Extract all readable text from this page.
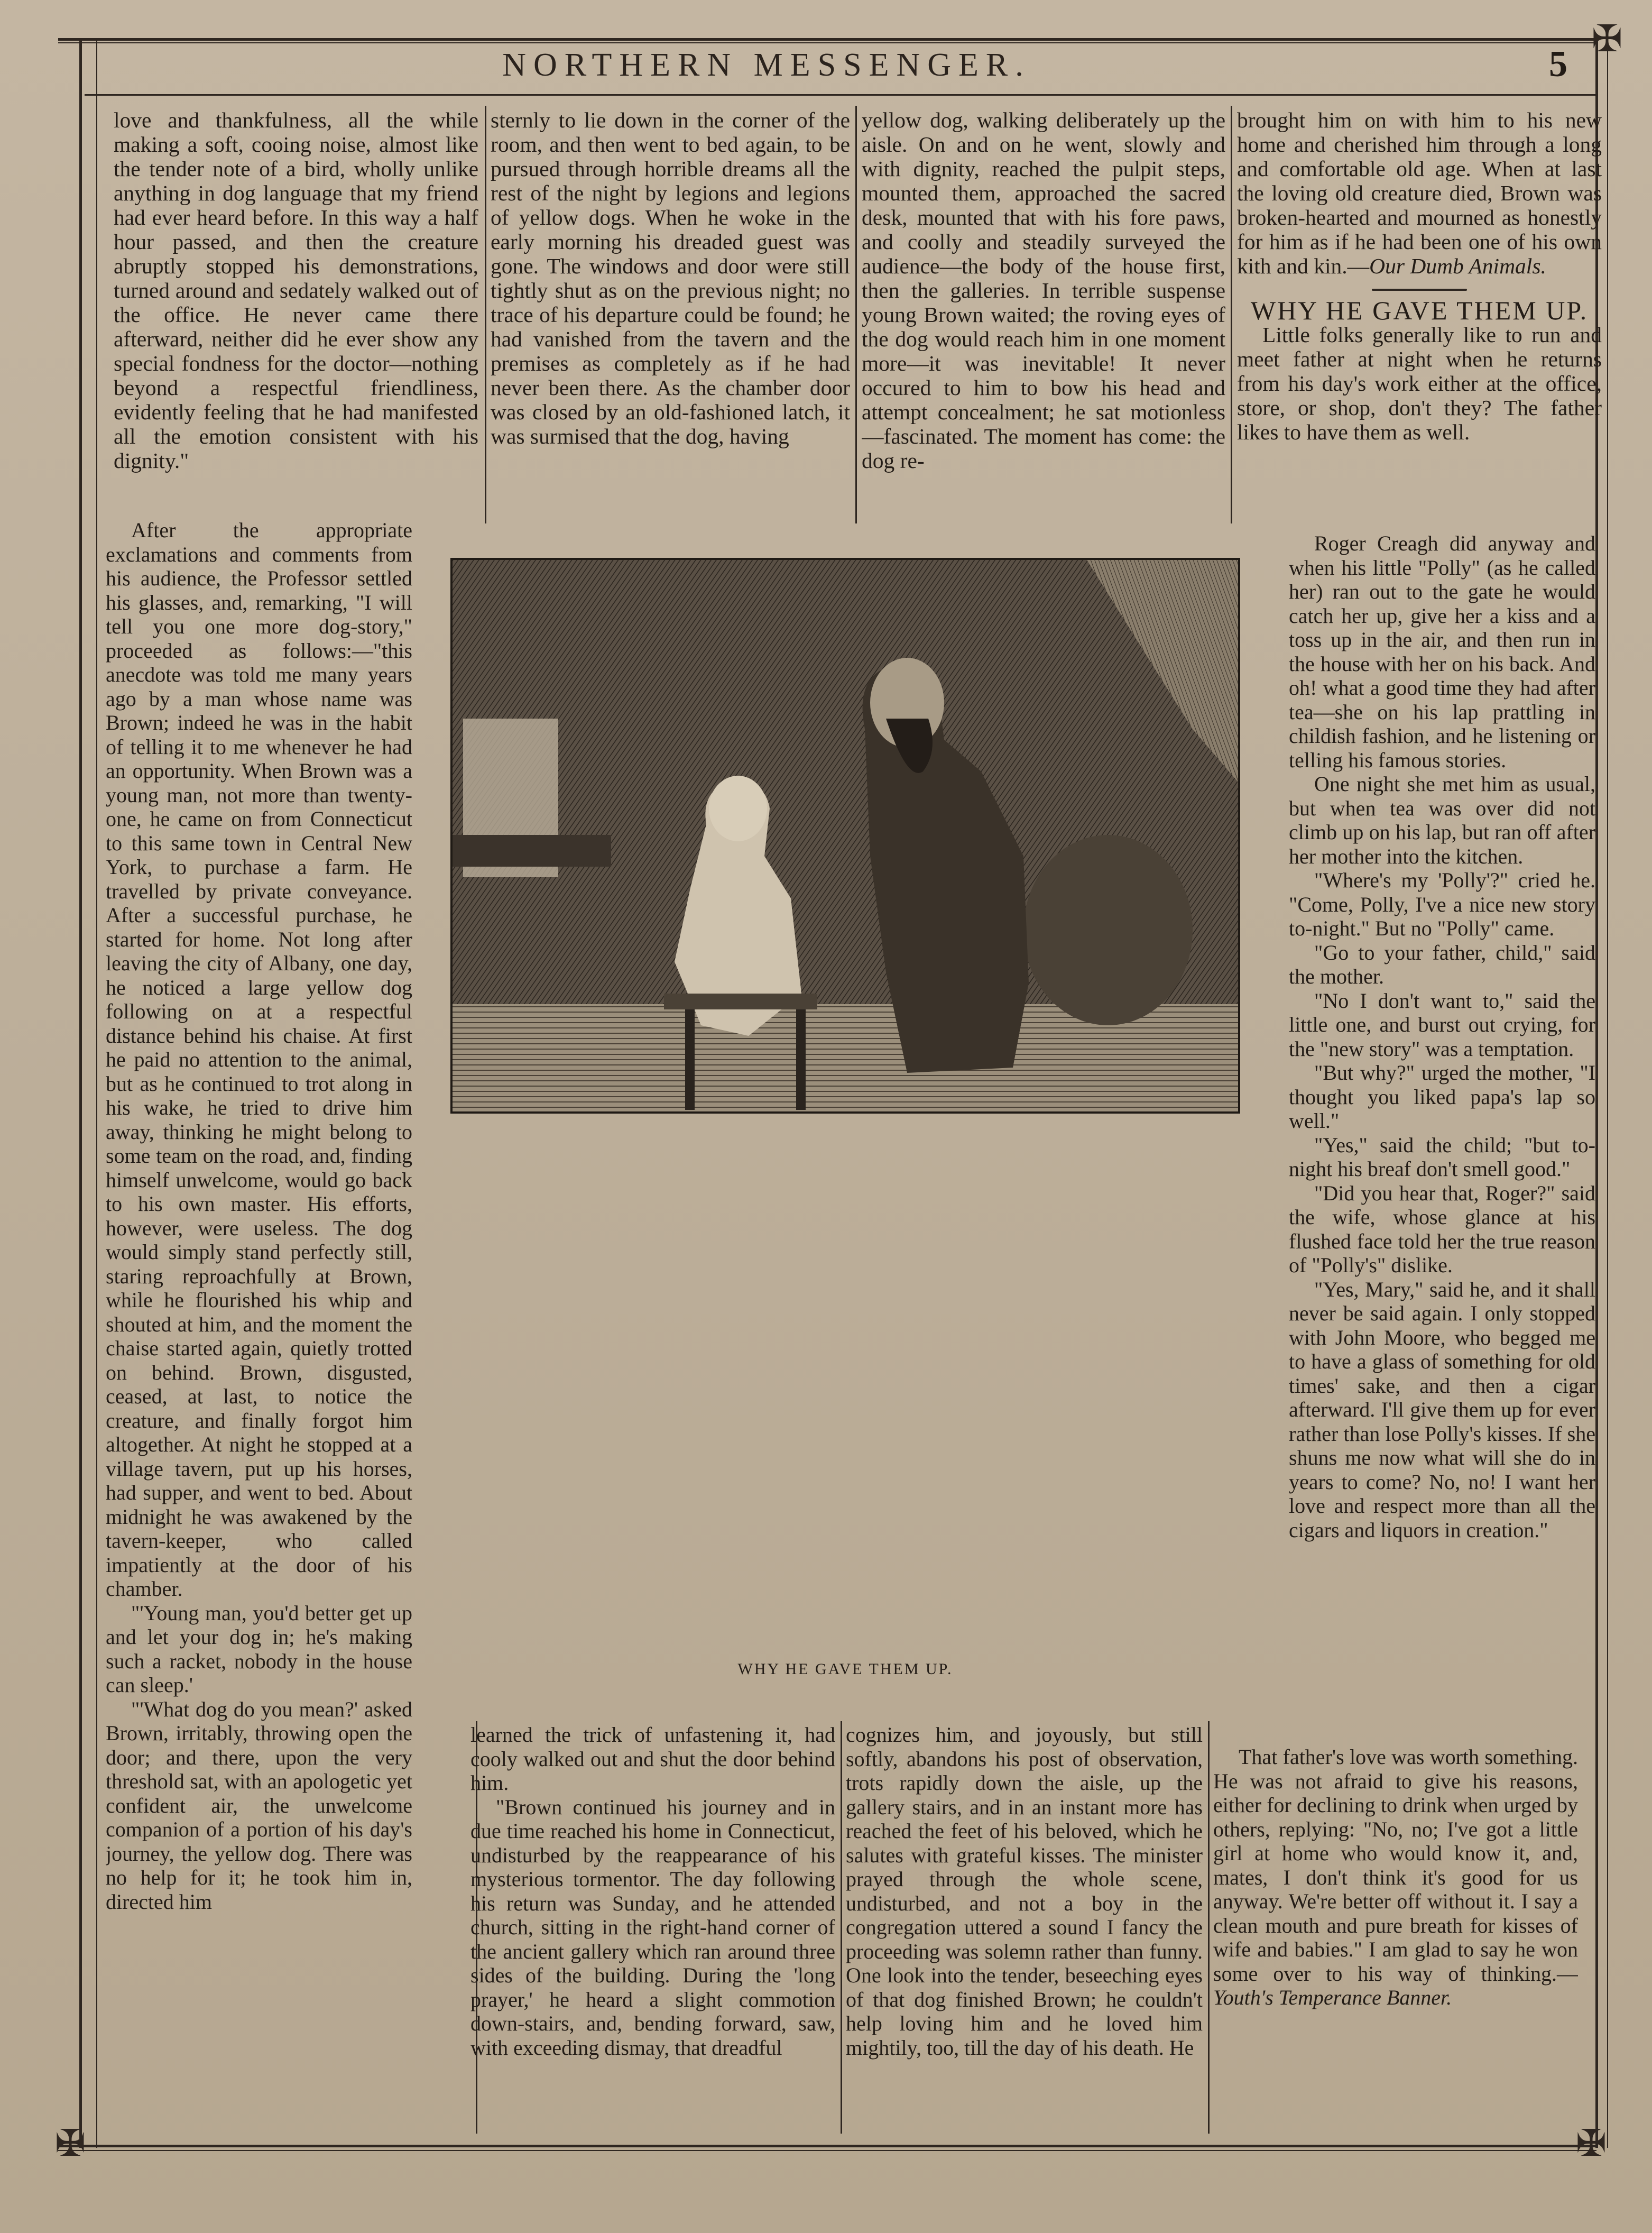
✠
✠	✠
NORTHERN MESSENGER.	5

love and thankfulness, all the while making a soft, cooing noise, almost like the tender note of a bird, wholly unlike anything in dog language that my friend had ever heard before. In this way a half hour passed, and then the creature abruptly stopped his demonstrations, turned around and sedately walked out of the office. He never came there afterward, neither did he ever show any special fondness for the doctor—nothing beyond a respectful friendliness, evidently feeling that he had manifested all the emotion consistent with his dignity."

After the appropriate exclamations and comments from his audience, the Professor settled his glasses, and, remarking, "I will tell you one more dog-story," proceeded as follows:—"this anecdote was told me many years ago by a man whose name was Brown; indeed he was in the habit of telling it to me whenever he had an opportunity. When Brown was a young man, not more than twenty-one, he came on from Connecticut to this same town in Central New York, to purchase a farm. He travelled by private conveyance. After a successful purchase, he started for home. Not long after leaving the city of Albany, one day, he noticed a large yellow dog following on at a respectful distance behind his chaise. At first he paid no attention to the animal, but as he continued to trot along in his wake, he tried to drive him away, thinking he might belong to some team on the road, and, finding himself unwelcome, would go back to his own master. His efforts, however, were useless. The dog would simply stand perfectly still, staring reproachfully at Brown, while he flourished his whip and shouted at him, and the moment the chaise started again, quietly trotted on behind. Brown, disgusted, ceased, at last, to notice the creature, and finally forgot him altogether. At night he stopped at a village tavern, put up his horses, had supper, and went to bed. About midnight he was awakened by the tavern-keeper, who called impatiently at the door of his chamber.

"'Young man, you'd better get up and let your dog in; he's making such a racket, nobody in the house can sleep.'

"'What dog do you mean?' asked Brown, irritably, throwing open the door; and there, upon the very threshold sat, with an apologetic yet confident air, the unwelcome companion of a portion of his day's journey, the yellow dog. There was no help for it; he took him in, directed him

sternly to lie down in the corner of the room, and then went to bed again, to be pursued through horrible dreams all the rest of the night by legions and legions of yellow dogs. When he woke in the early morning his dreaded guest was gone. The windows and door were still tightly shut as on the previous night; no trace of his departure could be found; he had vanished from the tavern and the premises as completely as if he had never been there. As the chamber door was closed by an old-fashioned latch, it was surmised that the dog, having

learned the trick of unfastening it, had cooly walked out and shut the door behind him.

"Brown continued his journey and in due time reached his home in Connecticut, undisturbed by the reappearance of his mysterious tormentor. The day following his return was Sunday, and he attended church, sitting in the right-hand corner of the ancient gallery which ran around three sides of the building. During the 'long prayer,' he heard a slight commotion down-stairs, and, bending forward, saw, with exceeding dismay, that dreadful

yellow dog, walking deliberately up the aisle. On and on he went, slowly and with dignity, reached the pulpit steps, mounted them, approached the sacred desk, mounted that with his fore paws, and coolly and steadily surveyed the audience—the body of the house first, then the galleries. In terrible suspense young Brown waited; the roving eyes of the dog would reach him in one moment more—it was inevitable! It never occured to him to bow his head and attempt concealment; he sat motionless—fascinated. The moment has come: the dog re-

cognizes him, and joyously, but still softly, abandons his post of observation, trots rapidly down the aisle, up the gallery stairs, and in an instant more has reached the feet of his beloved, which he salutes with grateful kisses. The minister prayed through the whole scene, undisturbed, and not a boy in the congregation uttered a sound I fancy the proceeding was solemn rather than funny. One look into the tender, beseeching eyes of that dog finished Brown; he couldn't help loving him and he loved him mightily, too, till the day of his death. He

brought him on with him to his new home and cherished him through a long and comfortable old age. When at last the loving old creature died, Brown was broken-hearted and mourned as honestly for him as if he had been one of his own kith and kin.—Our Dumb Animals.

WHY HE GAVE THEM UP.

Little folks generally like to run and meet father at night when he returns from his day's work either at the office, store, or shop, don't they? The father likes to have them as well.

Roger Creagh did anyway and when his little "Polly" (as he called her) ran out to the gate he would catch her up, give her a kiss and a toss up in the air, and then run in the house with her on his back. And oh! what a good time they had after tea—she on his lap prattling in childish fashion, and he listening or telling his famous stories.

One night she met him as usual, but when tea was over did not climb up on his lap, but ran off after her mother into the kitchen.

"Where's my 'Polly'?" cried he. "Come, Polly, I've a nice new story to-night." But no "Polly" came.

"Go to your father, child," said the mother.

"No I don't want to," said the little one, and burst out crying, for the "new story" was a temptation.

"But why?" urged the mother, "I thought you liked papa's lap so well."

"Yes," said the child; "but to-night his breaf don't smell good."

"Did you hear that, Roger?" said the wife, whose glance at his flushed face told her the true reason of "Polly's" dislike.

"Yes, Mary," said he, and it shall never be said again. I only stopped with John Moore, who begged me to have a glass of something for old times' sake, and then a cigar afterward. I'll give them up for ever rather than lose Polly's kisses. If she shuns me now what will she do in years to come? No, no! I want her love and respect more than all the cigars and liquors in creation."

That father's love was worth something. He was not afraid to give his reasons, either for declining to drink when urged by others, replying: "No, no; I've got a little girl at home who would know it, and, mates, I don't think it's good for us anyway. We're better off without it. I say a clean mouth and pure breath for kisses of wife and babies." I am glad to say he won some over to his way of thinking.—Youth's Temperance Banner.

WHY HE GAVE THEM UP.
